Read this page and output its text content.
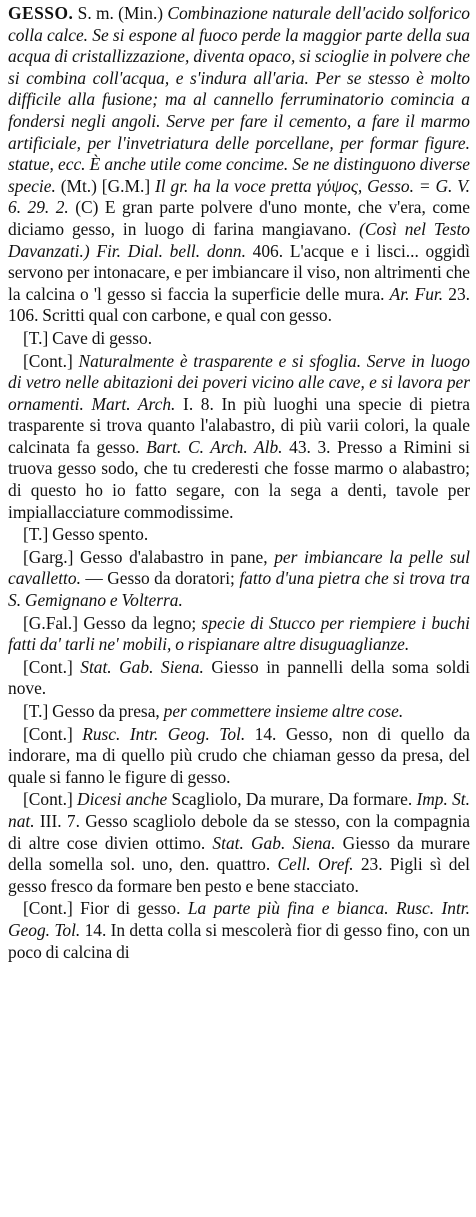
GESSO. S. m. (Min.) Combinazione naturale dell'acido solforico colla calce. Se si espone al fuoco perde la maggior parte della sua acqua di cristallizzazione, diventa opaco, si scioglie in polvere che si combina coll'acqua, e s'indura all'aria. Per se stesso è molto difficile alla fusione; ma al cannello ferruminatorio comincia a fondersi negli angoli. Serve per fare il cemento, a fare il marmo artificiale, per l'invetriatura delle porcellane, per formar figure. statue, ecc. È anche utile come concime. Se ne distinguono diverse specie. (Mt.) [G.M.] Il gr. ha la voce pretta γύψος, Gesso. = G. V. 6. 29. 2. (C) E gran parte polvere d'uno monte, che v'era, come diciamo gesso, in luogo di farina mangiavano. (Così nel Testo Davanzati.) Fir. Dial. bell. donn. 406. L'acque e i lisci... oggidì servono per intonacare, e per imbiancare il viso, non altrimenti che la calcina o 'l gesso si faccia la superficie delle mura. Ar. Fur. 23. 106. Scritti qual con carbone, e qual con gesso.

[T.] Cave di gesso.

[Cont.] Naturalmente è trasparente e si sfoglia. Serve in luogo di vetro nelle abitazioni dei poveri vicino alle cave, e si lavora per ornamenti. Mart. Arch. I. 8. In più luoghi una specie di pietra trasparente si trova quanto l'alabastro, di più varii colori, la quale calcinata fa gesso. Bart. C. Arch. Alb. 43. 3. Presso a Rimini si truova gesso sodo, che tu crederesti che fosse marmo o alabastro; di questo ho io fatto segare, con la sega a denti, tavole per impiallacciature commodissime.

[T.] Gesso spento.

[Garg.] Gesso d'alabastro in pane, per imbiancare la pelle sul cavalletto. — Gesso da doratori; fatto d'una pietra che si trova tra S. Gemignano e Volterra.

[G.Fal.] Gesso da legno; specie di Stucco per riempiere i buchi fatti da' tarli ne' mobili, o rispianare altre disuguaglianze.

[Cont.] Stat. Gab. Siena. Giesso in pannelli della soma soldi nove.

[T.] Gesso da presa, per commettere insieme altre cose.

[Cont.] Rusc. Intr. Geog. Tol. 14. Gesso, non di quello da indorare, ma di quello più crudo che chiaman gesso da presa, del quale si fanno le figure di gesso.

[Cont.] Dicesi anche Scagliolo, Da murare, Da formare. Imp. St. nat. III. 7. Gesso scagliolo debole da se stesso, con la compagnia di altre cose divien ottimo. Stat. Gab. Siena. Giesso da murare della somella sol. uno, den. quattro. Cell. Oref. 23. Pigli sì del gesso fresco da formare ben pesto e bene stacciato.

[Cont.] Fior di gesso. La parte più fina e bianca. Rusc. Intr. Geog. Tol. 14. In detta colla si mescolerà fior di gesso fino, con un poco di calcina di
